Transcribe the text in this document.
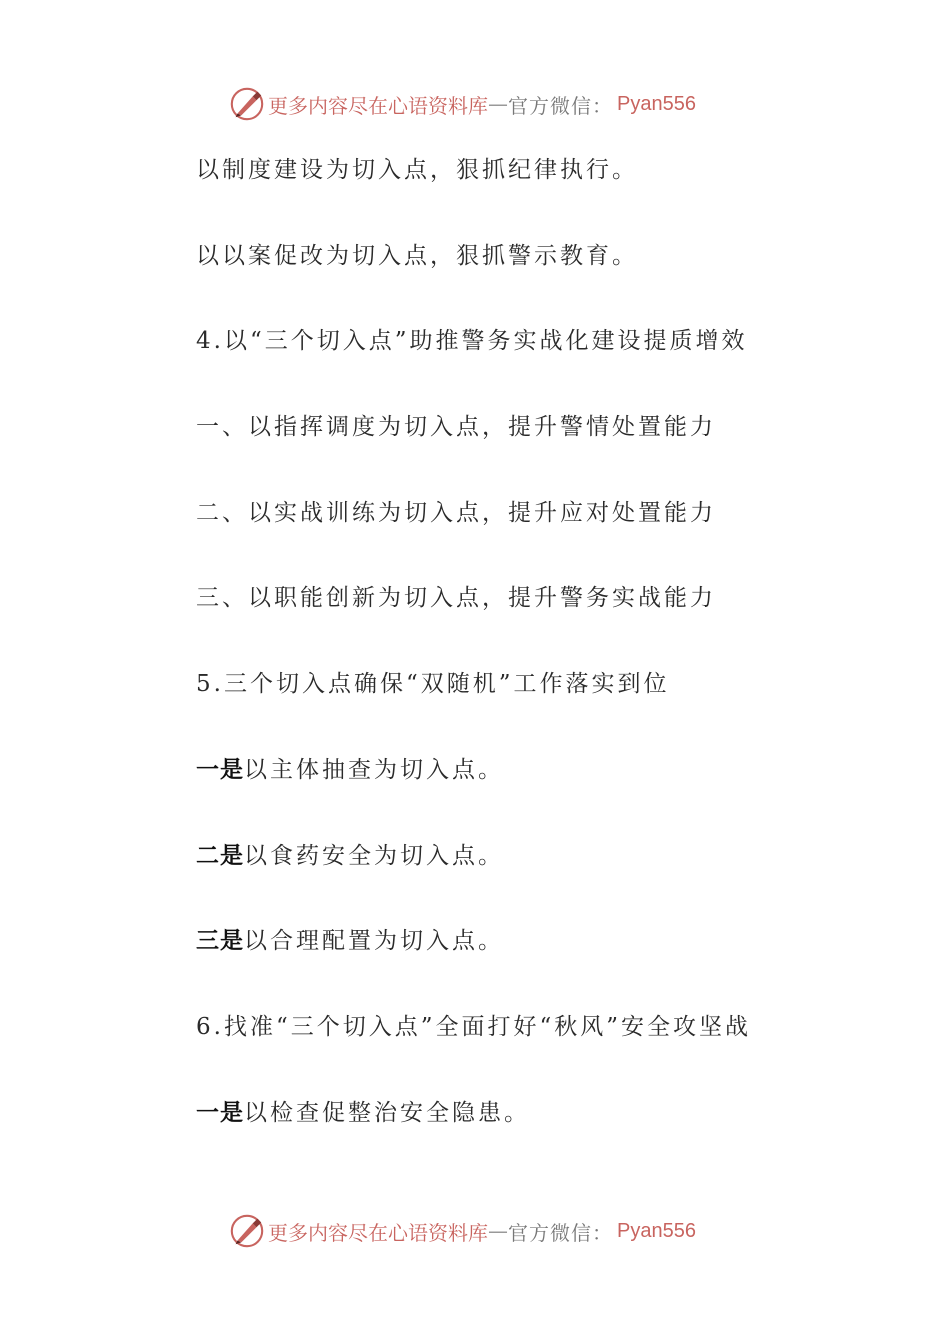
更多内容尽在心语资料库 — 官方微信： Pyan556
以制度建设为切入点，狠抓纪律执行。
以以案促改为切入点，狠抓警示教育。
4.以“三个切入点”助推警务实战化建设提质增效
一、以指挥调度为切入点，提升警情处置能力
二、以实战训练为切入点，提升应对处置能力
三、以职能创新为切入点，提升警务实战能力
5.三个切入点确保“双随机”工作落实到位
一是以主体抽查为切入点。
二是以食药安全为切入点。
三是以合理配置为切入点。
6.找准“三个切入点”全面打好“秋风”安全攻坚战
一是以检查促整治安全隐患。
更多内容尽在心语资料库 — 官方微信： Pyan556
